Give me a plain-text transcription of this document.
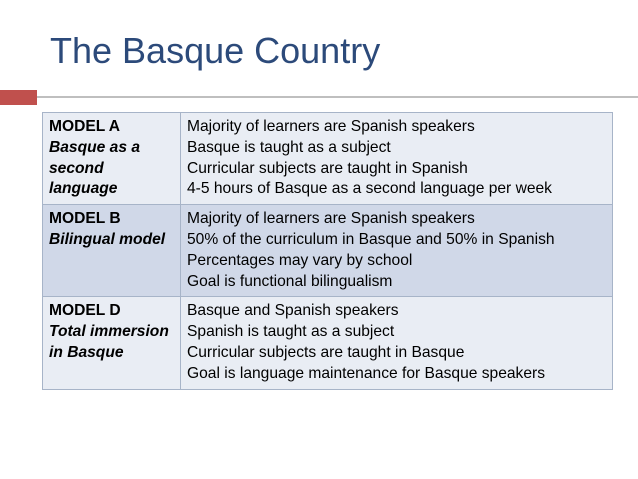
The Basque Country
MODEL A
Basque as a second language	Majority of learners are Spanish speakers
Basque is taught as a subject
Curricular subjects are taught in Spanish
4-5 hours of Basque as a second language per week

MODEL B
Bilingual model	Majority of learners are Spanish speakers
50% of the curriculum in Basque and 50% in Spanish
Percentages may vary by school
Goal is functional bilingualism

MODEL D
Total immersion in Basque	Basque and Spanish speakers
Spanish is taught as a subject
Curricular subjects are taught in Basque
Goal is language maintenance for Basque speakers
